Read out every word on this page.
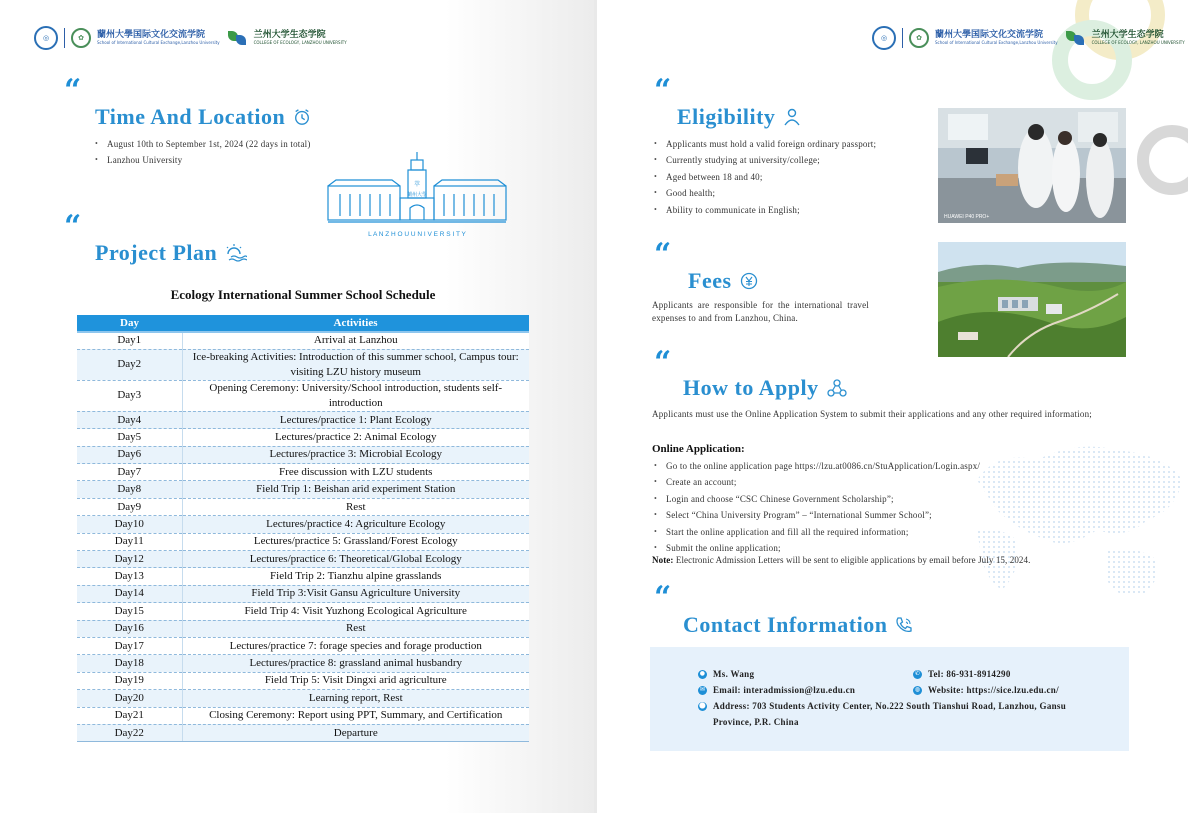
◎	✿	蘭州大學国际文化交流学院
School of International Cultural Exchange,Lanzhou University
兰州大学生态学院
COLLEGE OF ECOLOGY, LANZHOU UNIVERSITY
“
Time And Location
• August 10th to September 1st, 2024 (22 days in total)
• Lanzhou University
蘭州大學
萃
L A N Z H O U U N I V E R S I T Y
“
Project Plan
Ecology International Summer School Schedule
Day	Activities
Day1	Arrival at Lanzhou
Day2	Ice-breaking Activities: Introduction of this summer school, Campus tour: visiting LZU history museum
Day3	Opening Ceremony: University/School introduction, students self-introduction
Day4	Lectures/practice 1: Plant Ecology
Day5	Lectures/practice 2: Animal Ecology
Day6	Lectures/practice 3: Microbial Ecology
Day7	Free discussion with LZU students
Day8	Field Trip 1: Beishan arid experiment Station
Day9	Rest
Day10	Lectures/practice 4: Agriculture Ecology
Day11	Lectures/practice 5: Grassland/Forest Ecology
Day12	Lectures/practice 6: Theoretical/Global Ecology
Day13	Field Trip 2: Tianzhu alpine grasslands
Day14	Field Trip 3:Visit Gansu Agriculture University
Day15	Field Trip 4: Visit Yuzhong Ecological Agriculture
Day16	Rest
Day17	Lectures/practice 7: forage species and forage production
Day18	Lectures/practice 8: grassland animal husbandry
Day19	Field Trip 5: Visit Dingxi arid agriculture
Day20	Learning report, Rest
Day21	Closing Ceremony: Report using PPT, Summary, and Certification
Day22	Departure
◎	✿	蘭州大學国际文化交流学院
School of International Cultural Exchange,Lanzhou University
兰州大学生态学院
COLLEGE OF ECOLOGY, LANZHOU UNIVERSITY
“
Eligibility
• Applicants must hold a valid foreign ordinary passport;
• Currently studying at university/college;
• Aged between 18 and 40;
• Good health;
• Ability to communicate in English;
HUAWEI P40 PRO+
“
Fees
Applicants are responsible for the international travel expenses to and from Lanzhou, China.
“
How to Apply
Applicants must use the Online Application System to submit their applications and any other required information;
Online Application:
• Go to the online application page https://lzu.at0086.cn/StuApplication/Login.aspx/
• Create an account;
• Login and choose “CSC Chinese Government Scholarship”;
• Select “China University Program” – “International Summer School”;
• Start the online application and fill all the required information;
• Submit the online application;
Note: Electronic Admission Letters will be sent to eligible applications by email before July 15, 2024.
“
Contact Information
● Ms. Wang	✆ Tel: 86-931-8914290
✉ Email: interadmission@lzu.edu.cn	◍ Website: https://sice.lzu.edu.cn/
⬤ Address: 703 Students Activity Center, No.222 South Tianshui Road, Lanzhou, Gansu Province, P.R. China
